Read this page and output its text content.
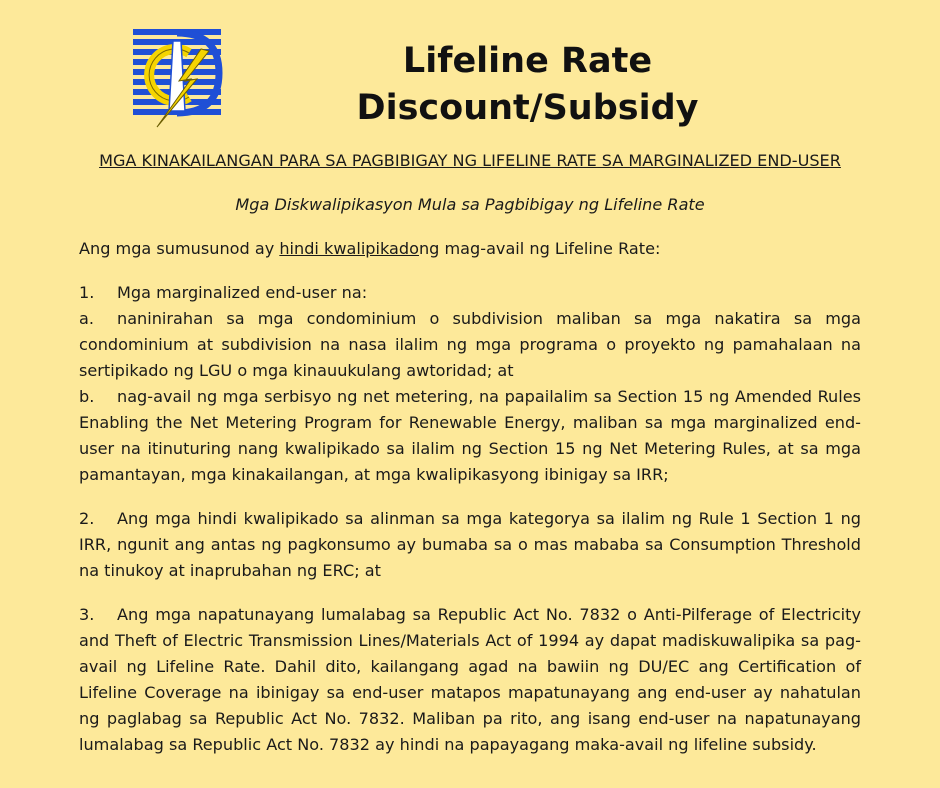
Lifeline Rate
Discount/Subsidy

MGA KINAKAILANGAN PARA SA PAGBIBIGAY NG LIFELINE RATE SA MARGINALIZED END-USER

Mga Diskwalipikasyon Mula sa Pagbibigay ng Lifeline Rate

Ang mga sumusunod ay hindi kwalipikadong mag-avail ng Lifeline Rate:

1. Mga marginalized end-user na:

a. naninirahan sa mga condominium o subdivision maliban sa mga nakatira sa mga condominium at subdivision na nasa ilalim ng mga programa o proyekto ng pamahalaan na sertipikado ng LGU o mga kinauukulang awtoridad; at

b. nag-avail ng mga serbisyo ng net metering, na papailalim sa Section 15 ng Amended Rules Enabling the Net Metering Program for Renewable Energy, maliban sa mga marginalized end-user na itinuturing nang kwalipikado sa ilalim ng Section 15 ng Net Metering Rules, at sa mga pamantayan, mga kinakailangan, at mga kwalipikasyong ibinigay sa IRR;

2. Ang mga hindi kwalipikado sa alinman sa mga kategorya sa ilalim ng Rule 1 Section 1 ng IRR, ngunit ang antas ng pagkonsumo ay bumaba sa o mas mababa sa Consumption Threshold na tinukoy at inaprubahan ng ERC; at

3. Ang mga napatunayang lumalabag sa Republic Act No. 7832 o Anti-Pilferage of Electricity and Theft of Electric Transmission Lines/Materials Act of 1994 ay dapat madiskuwalipika sa pag-avail ng Lifeline Rate. Dahil dito, kailangang agad na bawiin ng DU/EC ang Certification of Lifeline Coverage na ibinigay sa end-user matapos mapatunayang ang end-user ay nahatulan ng paglabag sa Republic Act No. 7832. Maliban pa rito, ang isang end-user na napatunayang lumalabag sa Republic Act No. 7832 ay hindi na papayagang maka-avail ng lifeline subsidy.
